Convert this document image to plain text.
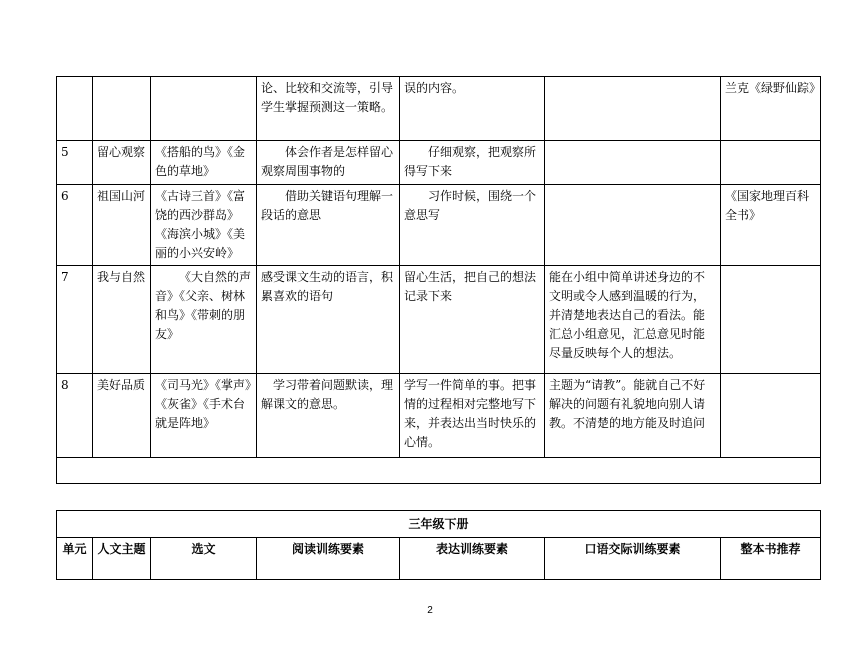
			论、比较和交流等，引导学生掌握预测这一策略。	误的内容。		兰克《绿野仙踪》
5	留心观察	《搭船的鸟》《金色的草地》	体会作者是怎样留心观察周围事物的	仔细观察，把观察所得写下来		
6	祖国山河	《古诗三首》《富饶的西沙群岛》《海滨小城》《美丽的小兴安岭》	借助关键语句理解一段话的意思	习作时候，围绕一个意思写		《国家地理百科全书》
7	我与自然	《大自然的声音》《父亲、树林和鸟》《带刺的朋友》	感受课文生动的语言，积累喜欢的语句	留心生活，把自己的想法记录下来	能在小组中简单讲述身边的不文明或令人感到温暖的行为，并清楚地表达自己的看法。能汇总小组意见，汇总意见时能尽量反映每个人的想法。	
8	美好品质	《司马光》《掌声》《灰雀》《手术台就是阵地》	学习带着问题默读，理解课文的意思。	学写一件简单的事。把事情的过程相对完整地写下来，并表达出当时快乐的心情。	主题为“请教”。能就自己不好解决的问题有礼貌地向别人请教。不清楚的地方能及时追问	

三年级下册
单元	人文主题	选文	阅读训练要素	表达训练要素	口语交际训练要素	整本书推荐
2
